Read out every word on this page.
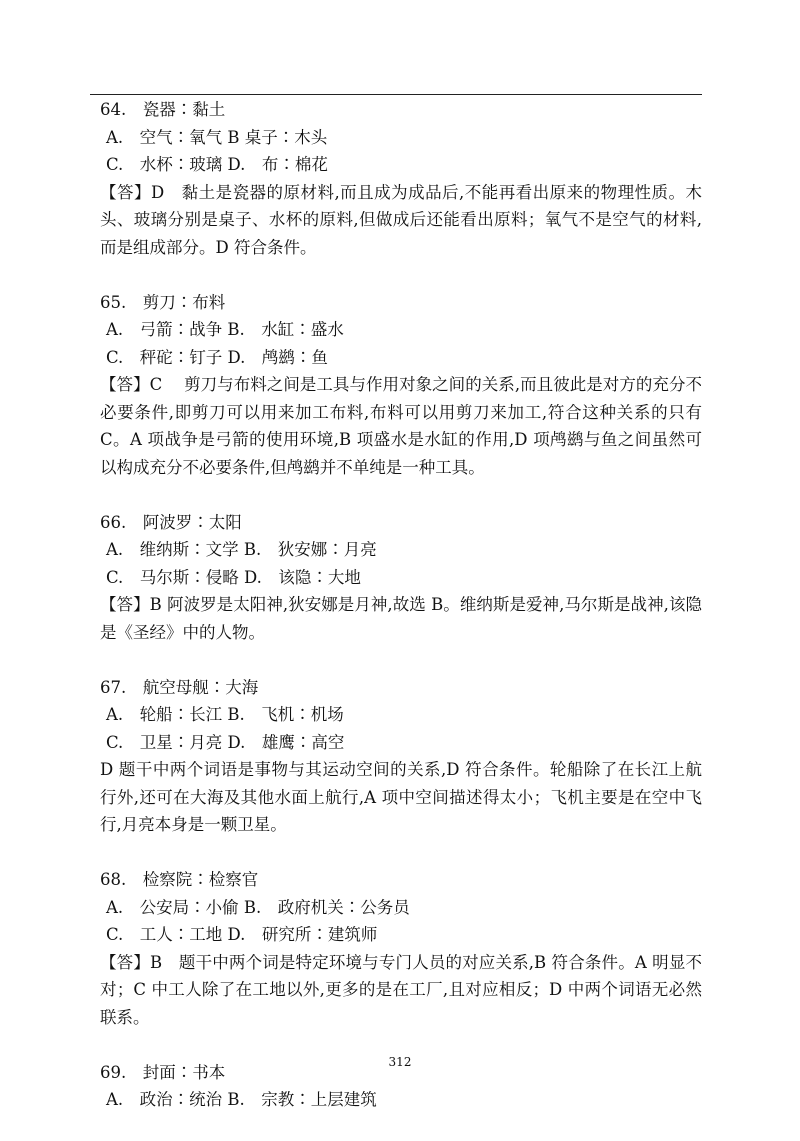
64.　瓷器∶黏土
A.　空气∶氧气 B 桌子∶木头
C.　水杯∶玻璃 D.　布∶棉花
【答】D　黏土是瓷器的原材料,而且成为成品后,不能再看出原来的物理性质。木头、玻璃分别是桌子、水杯的原料,但做成后还能看出原料；氧气不是空气的材料,而是组成部分。D 符合条件。
65.　剪刀∶布料
A.　弓箭∶战争 B.　水缸∶盛水
C.　秤砣∶钉子 D.　鸬鹚∶鱼
【答】C　 剪刀与布料之间是工具与作用对象之间的关系,而且彼此是对方的充分不必要条件,即剪刀可以用来加工布料,布料可以用剪刀来加工,符合这种关系的只有 C。A 项战争是弓箭的使用环境,B 项盛水是水缸的作用,D 项鸬鹚与鱼之间虽然可以构成充分不必要条件,但鸬鹚并不单纯是一种工具。
66.　阿波罗∶太阳
A.　维纳斯∶文学 B.　狄安娜∶月亮
C.　马尔斯∶侵略 D.　该隐∶大地
【答】B 阿波罗是太阳神,狄安娜是月神,故选 B。维纳斯是爱神,马尔斯是战神,该隐是《圣经》中的人物。
67.　航空母舰∶大海
A.　轮船∶长江 B.　飞机∶机场
C.　卫星∶月亮 D.　雄鹰∶高空
D 题干中两个词语是事物与其运动空间的关系,D 符合条件。轮船除了在长江上航行外,还可在大海及其他水面上航行,A 项中空间描述得太小；飞机主要是在空中飞行,月亮本身是一颗卫星。
68.　检察院∶检察官
A.　公安局∶小偷 B.　政府机关∶公务员
C.　工人∶工地 D.　研究所∶建筑师
【答】B　题干中两个词是特定环境与专门人员的对应关系,B 符合条件。A 明显不对；C 中工人除了在工地以外,更多的是在工厂,且对应相反；D 中两个词语无必然联系。
69.　封面∶书本
A.　政治∶统治 B.　宗教∶上层建筑
312
